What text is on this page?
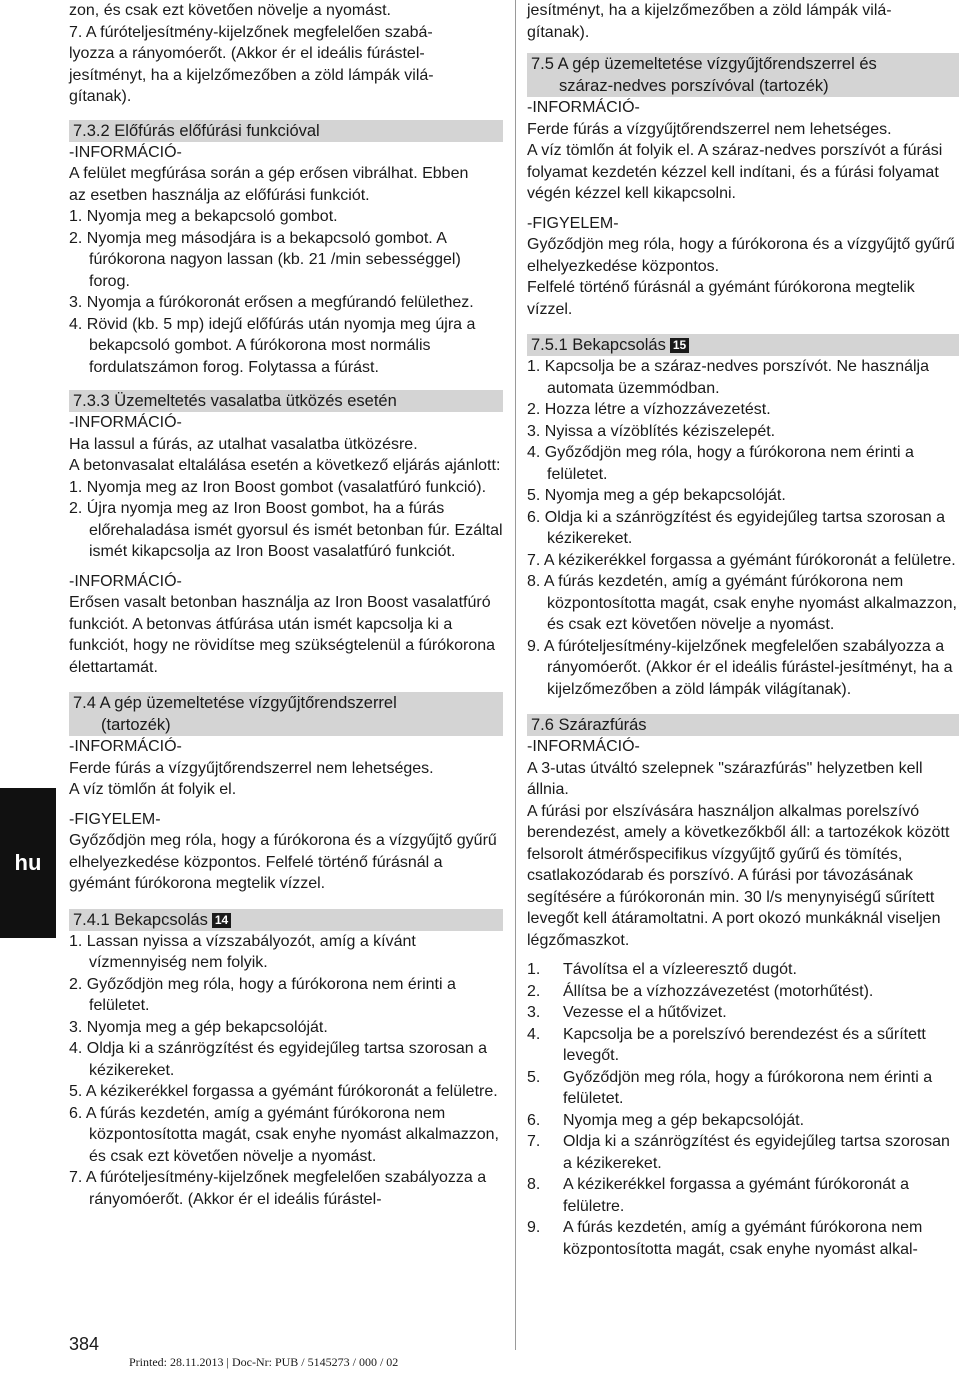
hu

zon, és csak ezt követően növelje a nyomást.

7. A fúróteljesítmény-kijelzőnek megfelelően szabá-

lyozza a rányomóerőt. (Akkor ér el ideális fúrástel-

jesítményt, ha a kijelzőmezőben a zöld lámpák vilá-

gítanak).

7.3.2 Előfúrás előfúrási funkcióval

-INFORMÁCIÓ-

A felület megfúrása során a gép erősen vibrálhat. Ebben

az esetben használja az előfúrási funkciót.

1. Nyomja meg a bekapcsoló gombot.

2. Nyomja meg másodjára is a bekapcsoló gombot. A fúrókorona nagyon lassan (kb. 21 /min sebességgel) forog.

3. Nyomja a fúrókoronát erősen a megfúrandó felülethez.

4. Rövid (kb. 5 mp) idejű előfúrás után nyomja meg újra a bekapcsoló gombot. A fúrókorona most normális fordulatszámon forog. Folytassa a fúrást.

7.3.3 Üzemeltetés vasalatba ütközés esetén

-INFORMÁCIÓ-

Ha lassul a fúrás, az utalhat vasalatba ütközésre.

A betonvasalat eltalálása esetén a következő eljárás ajánlott:

1. Nyomja meg az Iron Boost gombot (vasalatfúró funkció).

2. Újra nyomja meg az Iron Boost gombot, ha a fúrás előrehaladása ismét gyorsul és ismét betonban fúr. Ezáltal ismét kikapcsolja az Iron Boost vasalatfúró funkciót.

-INFORMÁCIÓ-

Erősen vasalt betonban használja az Iron Boost vasalatfúró funkciót. A betonvas átfúrása után ismét kapcsolja ki a funkciót, hogy ne rövidítse meg szükségtelenül a fúrókorona élettartamát.

7.4 A gép üzemeltetése vízgyűjtőrendszerrel
(tartozék)

-INFORMÁCIÓ-

Ferde fúrás a vízgyűjtőrendszerrel nem lehetséges.

A víz tömlőn át folyik el.

-FIGYELEM-

Győződjön meg róla, hogy a fúrókorona és a vízgyűjtő gyűrű elhelyezkedése központos. Felfelé történő fúrásnál a gyémánt fúrókorona megtelik vízzel.

7.4.1 Bekapcsolás 14

1. Lassan nyissa a vízszabályozót, amíg a kívánt vízmennyiség nem folyik.

2. Győződjön meg róla, hogy a fúrókorona nem érinti a felületet.

3. Nyomja meg a gép bekapcsolóját.

4. Oldja ki a szánrögzítést és egyidejűleg tartsa szorosan a kézikereket.

5. A kézikerékkel forgassa a gyémánt fúrókoronát a felületre.

6. A fúrás kezdetén, amíg a gyémánt fúrókorona nem központosította magát, csak enyhe nyomást alkalmazzon, és csak ezt követően növelje a nyomást.

7. A fúróteljesítmény-kijelzőnek megfelelően szabályozza a rányomóerőt. (Akkor ér el ideális fúrástel-

jesítményt, ha a kijelzőmezőben a zöld lámpák vilá-

gítanak).

7.5 A gép üzemeltetése vízgyűjtőrendszerrel és
száraz-nedves porszívóval (tartozék)

-INFORMÁCIÓ-

Ferde fúrás a vízgyűjtőrendszerrel nem lehetséges.

A víz tömlőn át folyik el. A száraz-nedves porszívót a fúrási folyamat kezdetén kézzel kell indítani, és a fúrási folyamat végén kézzel kell kikapcsolni.

-FIGYELEM-

Győződjön meg róla, hogy a fúrókorona és a vízgyűjtő gyűrű elhelyezkedése központos.

Felfelé történő fúrásnál a gyémánt fúrókorona megtelik vízzel.

7.5.1 Bekapcsolás 15

1. Kapcsolja be a száraz-nedves porszívót. Ne használja automata üzemmódban.

2. Hozza létre a vízhozzávezetést.

3. Nyissa a vízöblítés kéziszelepét.

4. Győződjön meg róla, hogy a fúrókorona nem érinti a felületet.

5. Nyomja meg a gép bekapcsolóját.

6. Oldja ki a szánrögzítést és egyidejűleg tartsa szorosan a kézikereket.

7. A kézikerékkel forgassa a gyémánt fúrókoronát a felületre.

8. A fúrás kezdetén, amíg a gyémánt fúrókorona nem központosította magát, csak enyhe nyomást alkalmazzon, és csak ezt követően növelje a nyomást.

9. A fúróteljesítmény-kijelzőnek megfelelően szabályozza a rányomóerőt. (Akkor ér el ideális fúrástel-jesítményt, ha a kijelzőmezőben a zöld lámpák világítanak).

7.6 Szárazfúrás

-INFORMÁCIÓ-

A 3-utas útváltó szelepnek "szárazfúrás" helyzetben kell állnia.

A fúrási por elszívására használjon alkalmas porelszívó berendezést, amely a következőkből áll: a tartozékok között felsorolt átmérőspecifikus vízgyűjtő gyűrű és tömítés, csatlakozódarab és porszívó. A fúrási por távozásának segítésére a fúrókoronán min. 30 l/s menynyiségű sűrített levegőt kell átáramoltatni. A port okozó munkáknál viseljen légzőmaszkot.

1.	Távolítsa el a vízleeresztő dugót.
2.	Állítsa be a vízhozzávezetést (motorhűtést).
3.	Vezesse el a hűtővizet.
4.	Kapcsolja be a porelszívó berendezést és a sűrített levegőt.
5.	Győződjön meg róla, hogy a fúrókorona nem érinti a felületet.
6.	Nyomja meg a gép bekapcsolóját.
7.	Oldja ki a szánrögzítést és egyidejűleg tartsa szorosan a kézikereket.
8.	A kézikerékkel forgassa a gyémánt fúrókoronát a felületre.
9.	A fúrás kezdetén, amíg a gyémánt fúrókorona nem központosította magát, csak enyhe nyomást alkal-
384
Printed: 28.11.2013 | Doc-Nr: PUB / 5145273 / 000 / 02
